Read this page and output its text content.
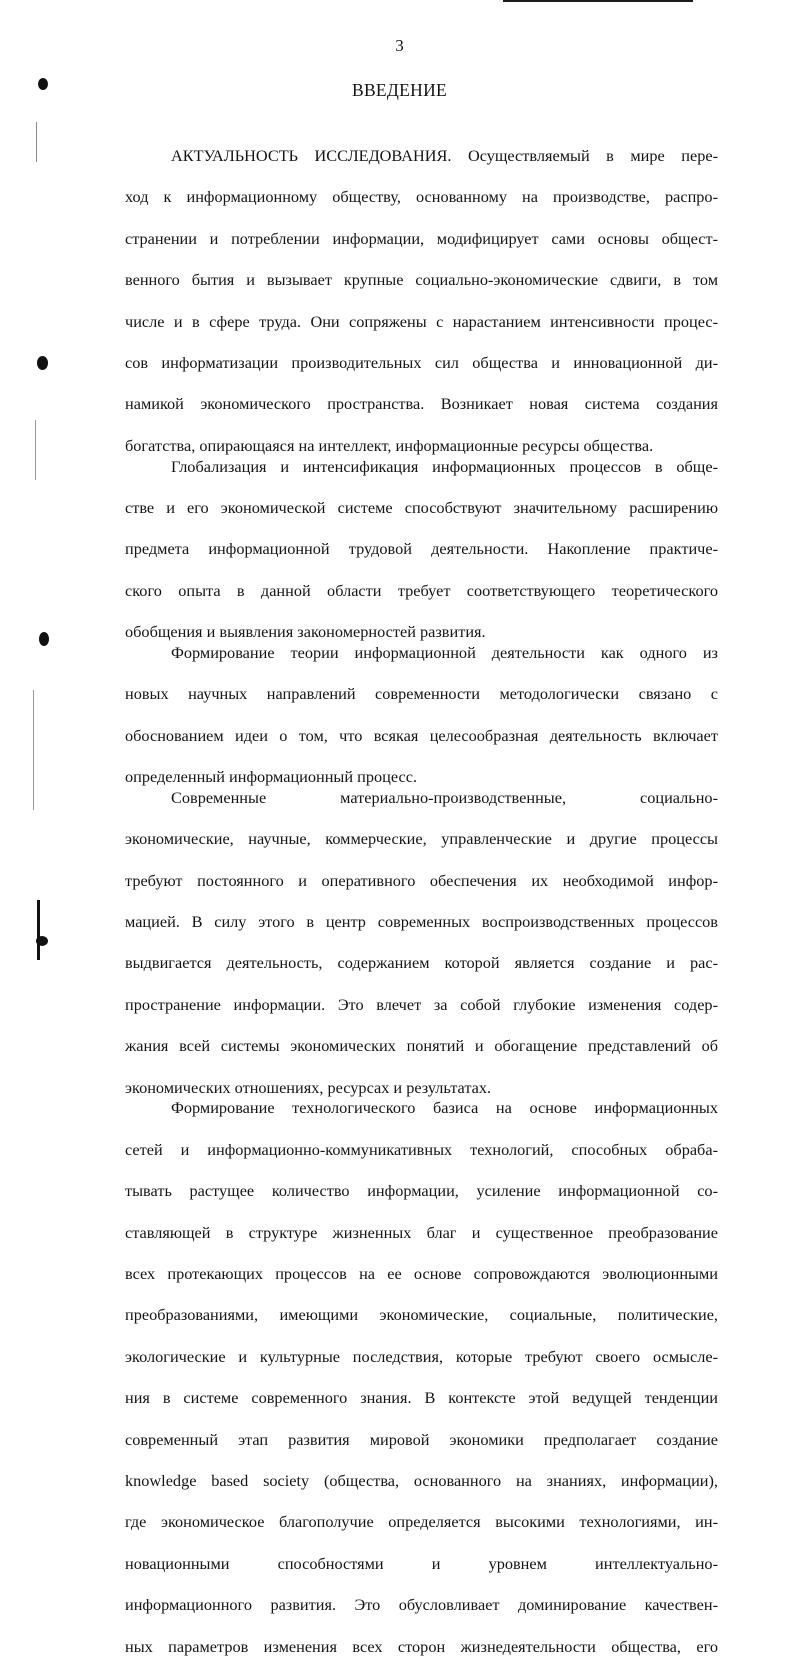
3
ВВЕДЕНИЕ
АКТУАЛЬНОСТЬ ИССЛЕДОВАНИЯ. Осуществляемый в мире пере-
ход к информационному обществу, основанному на производстве, распро-
странении и потреблении информации, модифицирует сами основы общест-
венного бытия и вызывает крупные социально-экономические сдвиги, в том
числе и в сфере труда. Они сопряжены с нарастанием интенсивности процес-
сов информатизации производительных сил общества и инновационной ди-
намикой экономического пространства. Возникает новая система создания
богатства, опирающаяся на интеллект, информационные ресурсы общества.
Глобализация и интенсификация информационных процессов в обще-
стве и его экономической системе способствуют значительному расширению
предмета информационной трудовой деятельности. Накопление практиче-
ского опыта в данной области требует соответствующего теоретического
обобщения и выявления закономерностей развития.
Формирование теории информационной деятельности как одного из
новых научных направлений современности методологически связано с
обоснованием идеи о том, что всякая целесообразная деятельность включает
определенный информационный процесс.
Современные материально-производственные, социально-
экономические, научные, коммерческие, управленческие и другие процессы
требуют постоянного и оперативного обеспечения их необходимой инфор-
мацией. В силу этого в центр современных воспроизводственных процессов
выдвигается деятельность, содержанием которой является создание и рас-
пространение информации. Это влечет за собой глубокие изменения содер-
жания всей системы экономических понятий и обогащение представлений об
экономических отношениях, ресурсах и результатах.
Формирование технологического базиса на основе информационных
сетей и информационно-коммуникативных технологий, способных обраба-
тывать растущее количество информации, усиление информационной со-
ставляющей в структуре жизненных благ и существенное преобразование
всех протекающих процессов на ее основе сопровождаются эволюционными
преобразованиями, имеющими экономические, социальные, политические,
экологические и культурные последствия, которые требуют своего осмысле-
ния в системе современного знания. В контексте этой ведущей тенденции
современный этап развития мировой экономики предполагает создание
knowledge based society (общества, основанного на знаниях, информации),
где экономическое благополучие определяется высокими технологиями, ин-
новационными способностями и уровнем интеллектуально-
информационного развития. Это обусловливает доминирование качествен-
ных параметров изменения всех сторон жизнедеятельности общества, его
